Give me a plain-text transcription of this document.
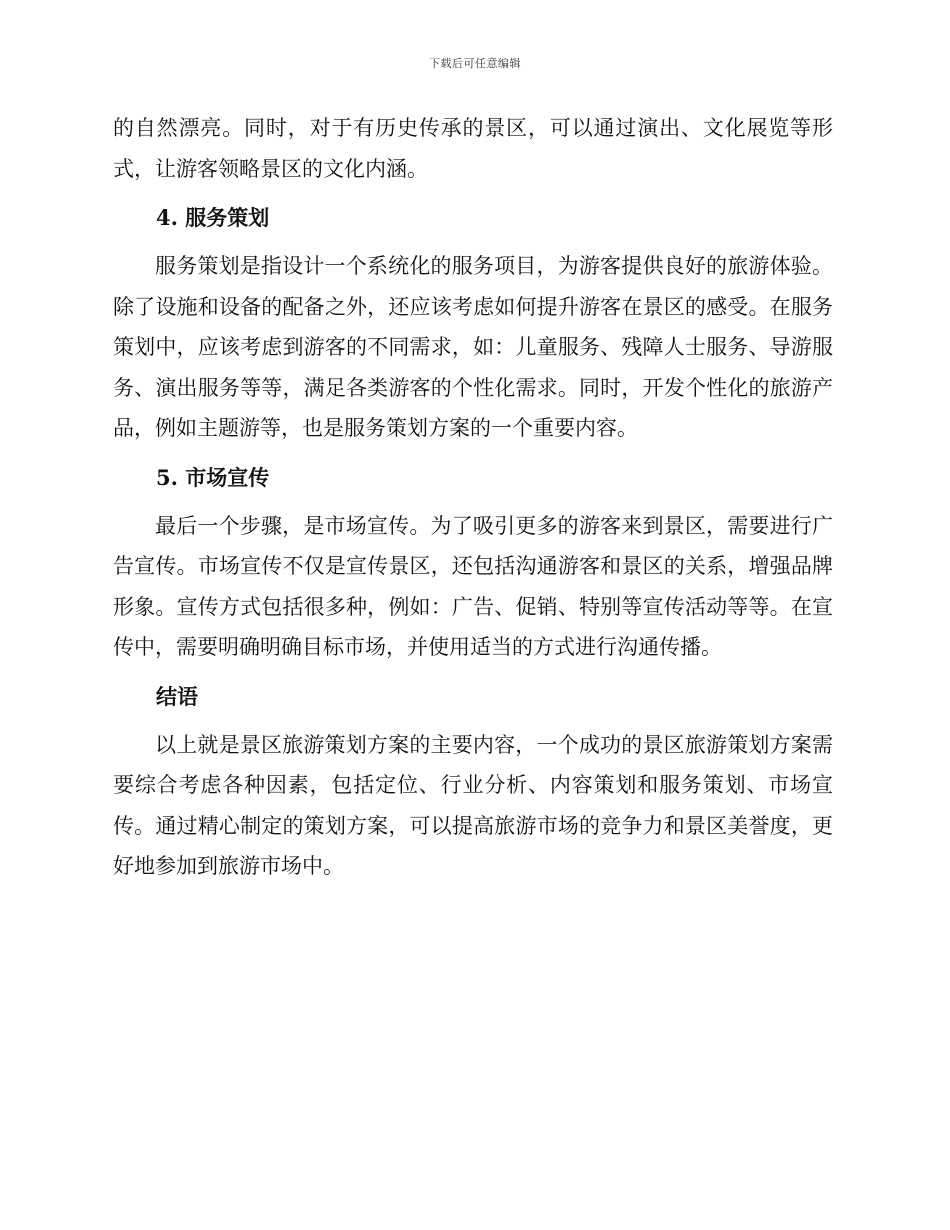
下载后可任意编辑

的自然漂亮。同时，对于有历史传承的景区，可以通过演出、文化展览等形式，让游客领略景区的文化内涵。

4. 服务策划

服务策划是指设计一个系统化的服务项目，为游客提供良好的旅游体验。除了设施和设备的配备之外，还应该考虑如何提升游客在景区的感受。在服务策划中，应该考虑到游客的不同需求，如：儿童服务、残障人士服务、导游服务、演出服务等等，满足各类游客的个性化需求。同时，开发个性化的旅游产品，例如主题游等，也是服务策划方案的一个重要内容。

5. 市场宣传

最后一个步骤，是市场宣传。为了吸引更多的游客来到景区，需要进行广告宣传。市场宣传不仅是宣传景区，还包括沟通游客和景区的关系，增强品牌形象。宣传方式包括很多种，例如：广告、促销、特别等宣传活动等等。在宣传中，需要明确明确目标市场，并使用适当的方式进行沟通传播。

结语

以上就是景区旅游策划方案的主要内容，一个成功的景区旅游策划方案需要综合考虑各种因素，包括定位、行业分析、内容策划和服务策划、市场宣传。通过精心制定的策划方案，可以提高旅游市场的竞争力和景区美誉度，更好地参加到旅游市场中。
